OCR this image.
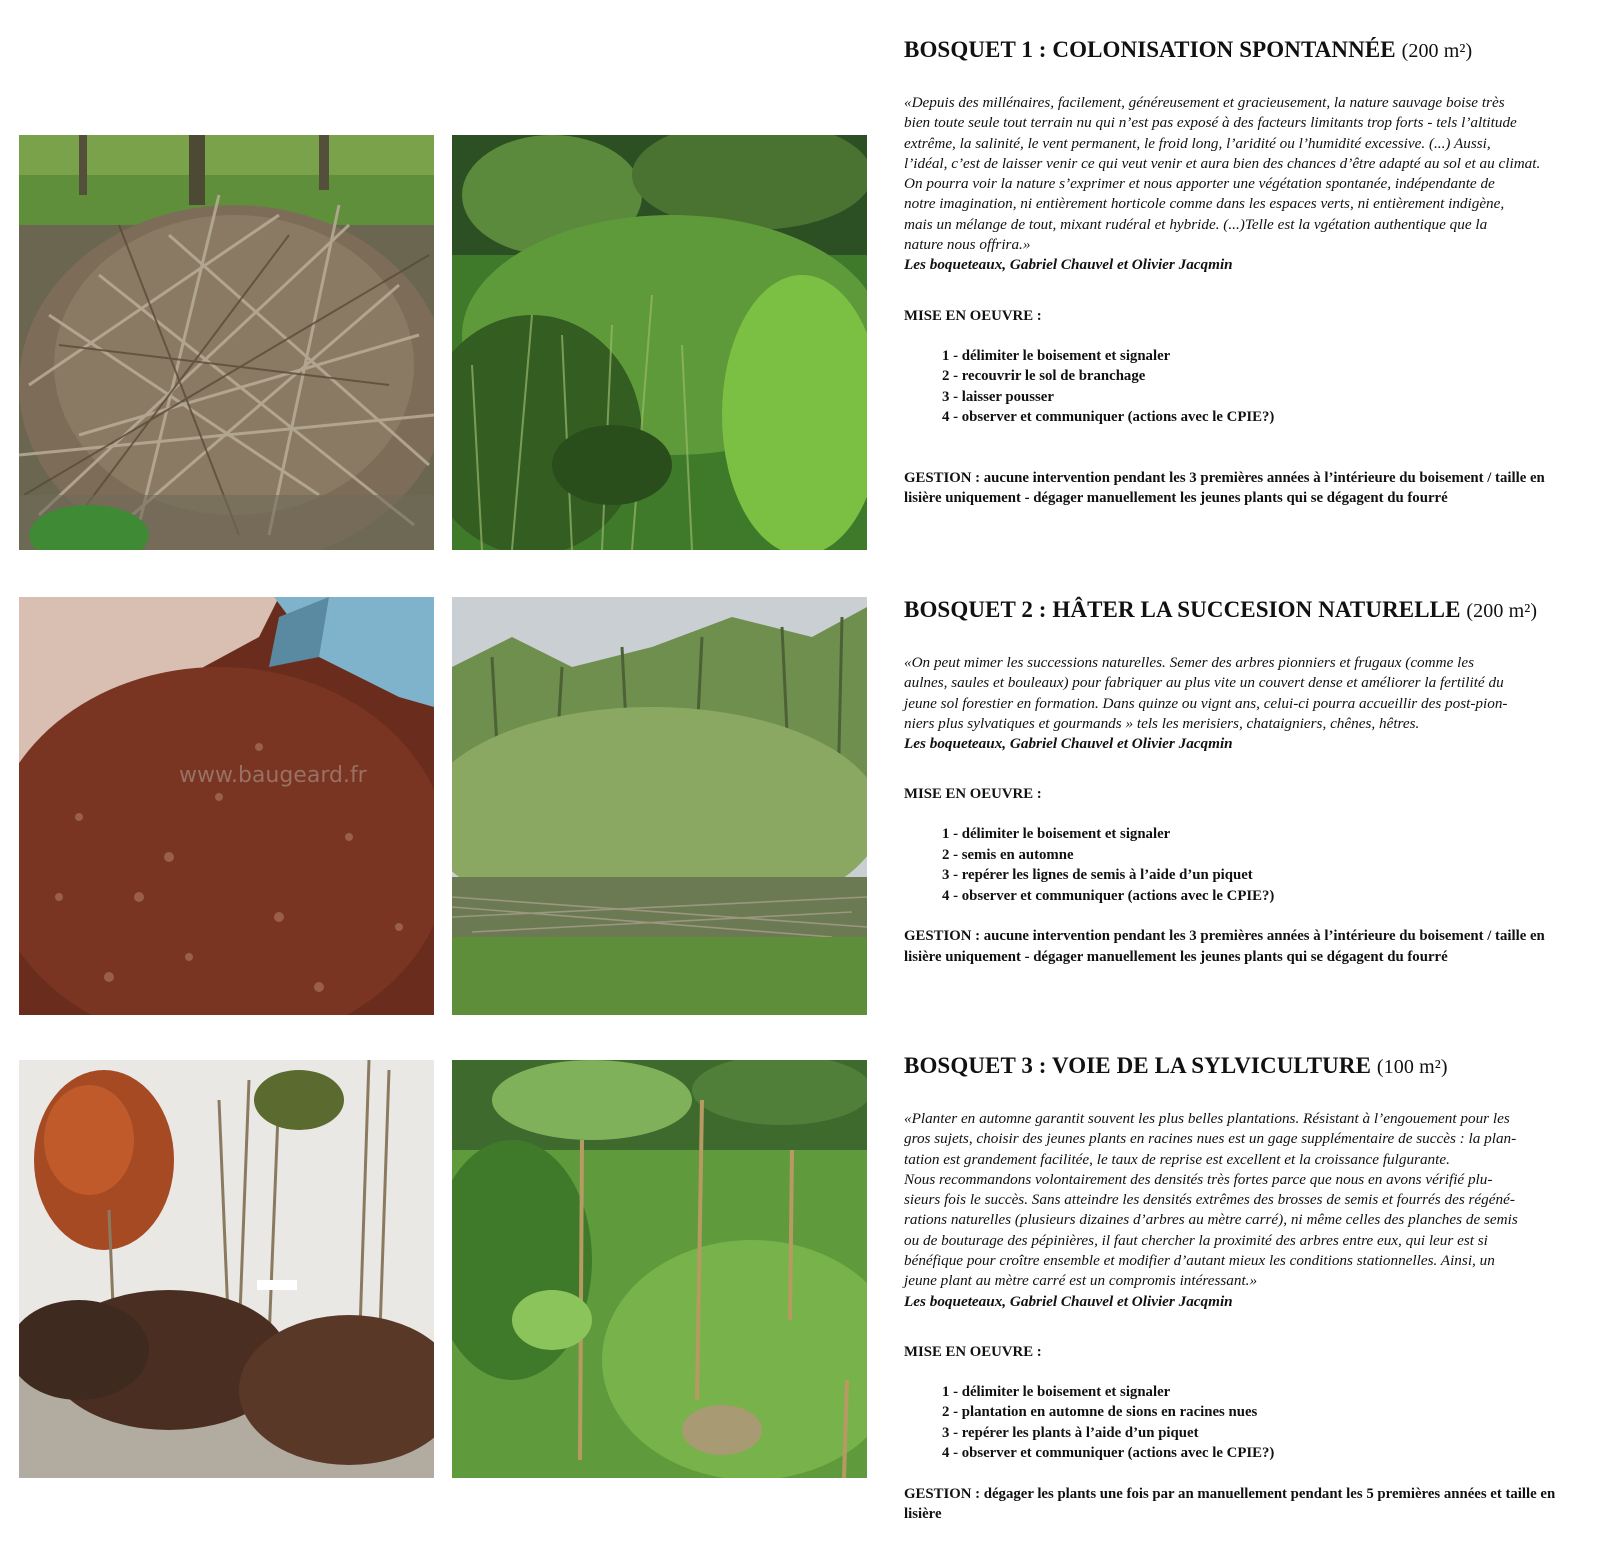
www.baugeard.fr
BOSQUET 1 : COLONISATION SPONTANNÉE (200 m²)
«Depuis des millénaires, facilement, généreusement et gracieusement, la nature sauvage boise très
bien toute seule tout terrain nu qui n’est pas exposé à des facteurs limitants trop forts - tels l’altitude
extrême, la salinité, le vent permanent, le froid long, l’aridité ou l’humidité excessive. (...) Aussi,
l’idéal, c’est de laisser venir ce qui veut venir et aura bien des chances d’être adapté au sol et au climat.
On pourra voir la nature s’exprimer et nous apporter une végétation spontanée, indépendante de
notre imagination, ni entièrement horticole comme dans les espaces verts, ni entièrement indigène,
mais un mélange de tout, mixant rudéral et hybride. (...)Telle est la vgétation authentique que la
nature nous offrira.»

Les boqueteaux, Gabriel Chauvel et Olivier Jacqmin

MISE EN OEUVRE :

1 - délimiter le boisement et signaler
2 - recouvrir le sol de branchage
3 - laisser pousser
4 - observer et communiquer (actions avec le CPIE?)
GESTION : aucune intervention pendant les 3 premières années à l’intérieure du boisement / taille en
lisière uniquement - dégager manuellement les jeunes plants qui se dégagent du fourré
BOSQUET 2 : HÂTER LA SUCCESION NATURELLE (200 m²)
«On peut mimer les successions naturelles. Semer des arbres pionniers et frugaux (comme les
aulnes, saules et bouleaux) pour fabriquer au plus vite un couvert dense et améliorer la fertilité du
jeune sol forestier en formation. Dans quinze ou vignt ans, celui-ci pourra accueillir des post-pion-
niers plus sylvatiques et gourmands » tels les merisiers, chataigniers, chênes, hêtres.

Les boqueteaux, Gabriel Chauvel et Olivier Jacqmin

MISE EN OEUVRE :

1 - délimiter le boisement et signaler
2 - semis en automne
3 - repérer les lignes de semis à l’aide d’un piquet
4 - observer et communiquer (actions avec le CPIE?)
GESTION : aucune intervention pendant les 3 premières années à l’intérieure du boisement / taille en
lisière uniquement - dégager manuellement les jeunes plants qui se dégagent du fourré
BOSQUET 3 : VOIE DE LA SYLVICULTURE (100 m²)
«Planter en automne garantit souvent les plus belles plantations. Résistant à l’engouement pour les
gros sujets, choisir des jeunes plants en racines nues est un gage supplémentaire de succès : la plan-
tation est grandement facilitée, le taux de reprise est excellent et la croissance fulgurante.
Nous recommandons volontairement des densités très fortes parce que nous en avons vérifié plu-
sieurs fois le succès. Sans atteindre les densités extrêmes des brosses de semis et fourrés des régéné-
rations naturelles (plusieurs dizaines d’arbres au mètre carré), ni même celles des planches de semis
ou de bouturage des pépinières, il faut chercher la proximité des arbres entre eux, qui leur est si
bénéfique pour croître ensemble et modifier d’autant mieux les conditions stationnelles. Ainsi, un
jeune plant au mètre carré est un compromis intéressant.»

Les boqueteaux, Gabriel Chauvel et Olivier Jacqmin

MISE EN OEUVRE :

1 - délimiter le boisement et signaler
2 - plantation en automne de sions en racines nues
3 - repérer les plants à l’aide d’un piquet
4 - observer et communiquer (actions avec le CPIE?)
GESTION : dégager les plants une fois par an manuellement pendant les 5 premières années et taille en
lisière
